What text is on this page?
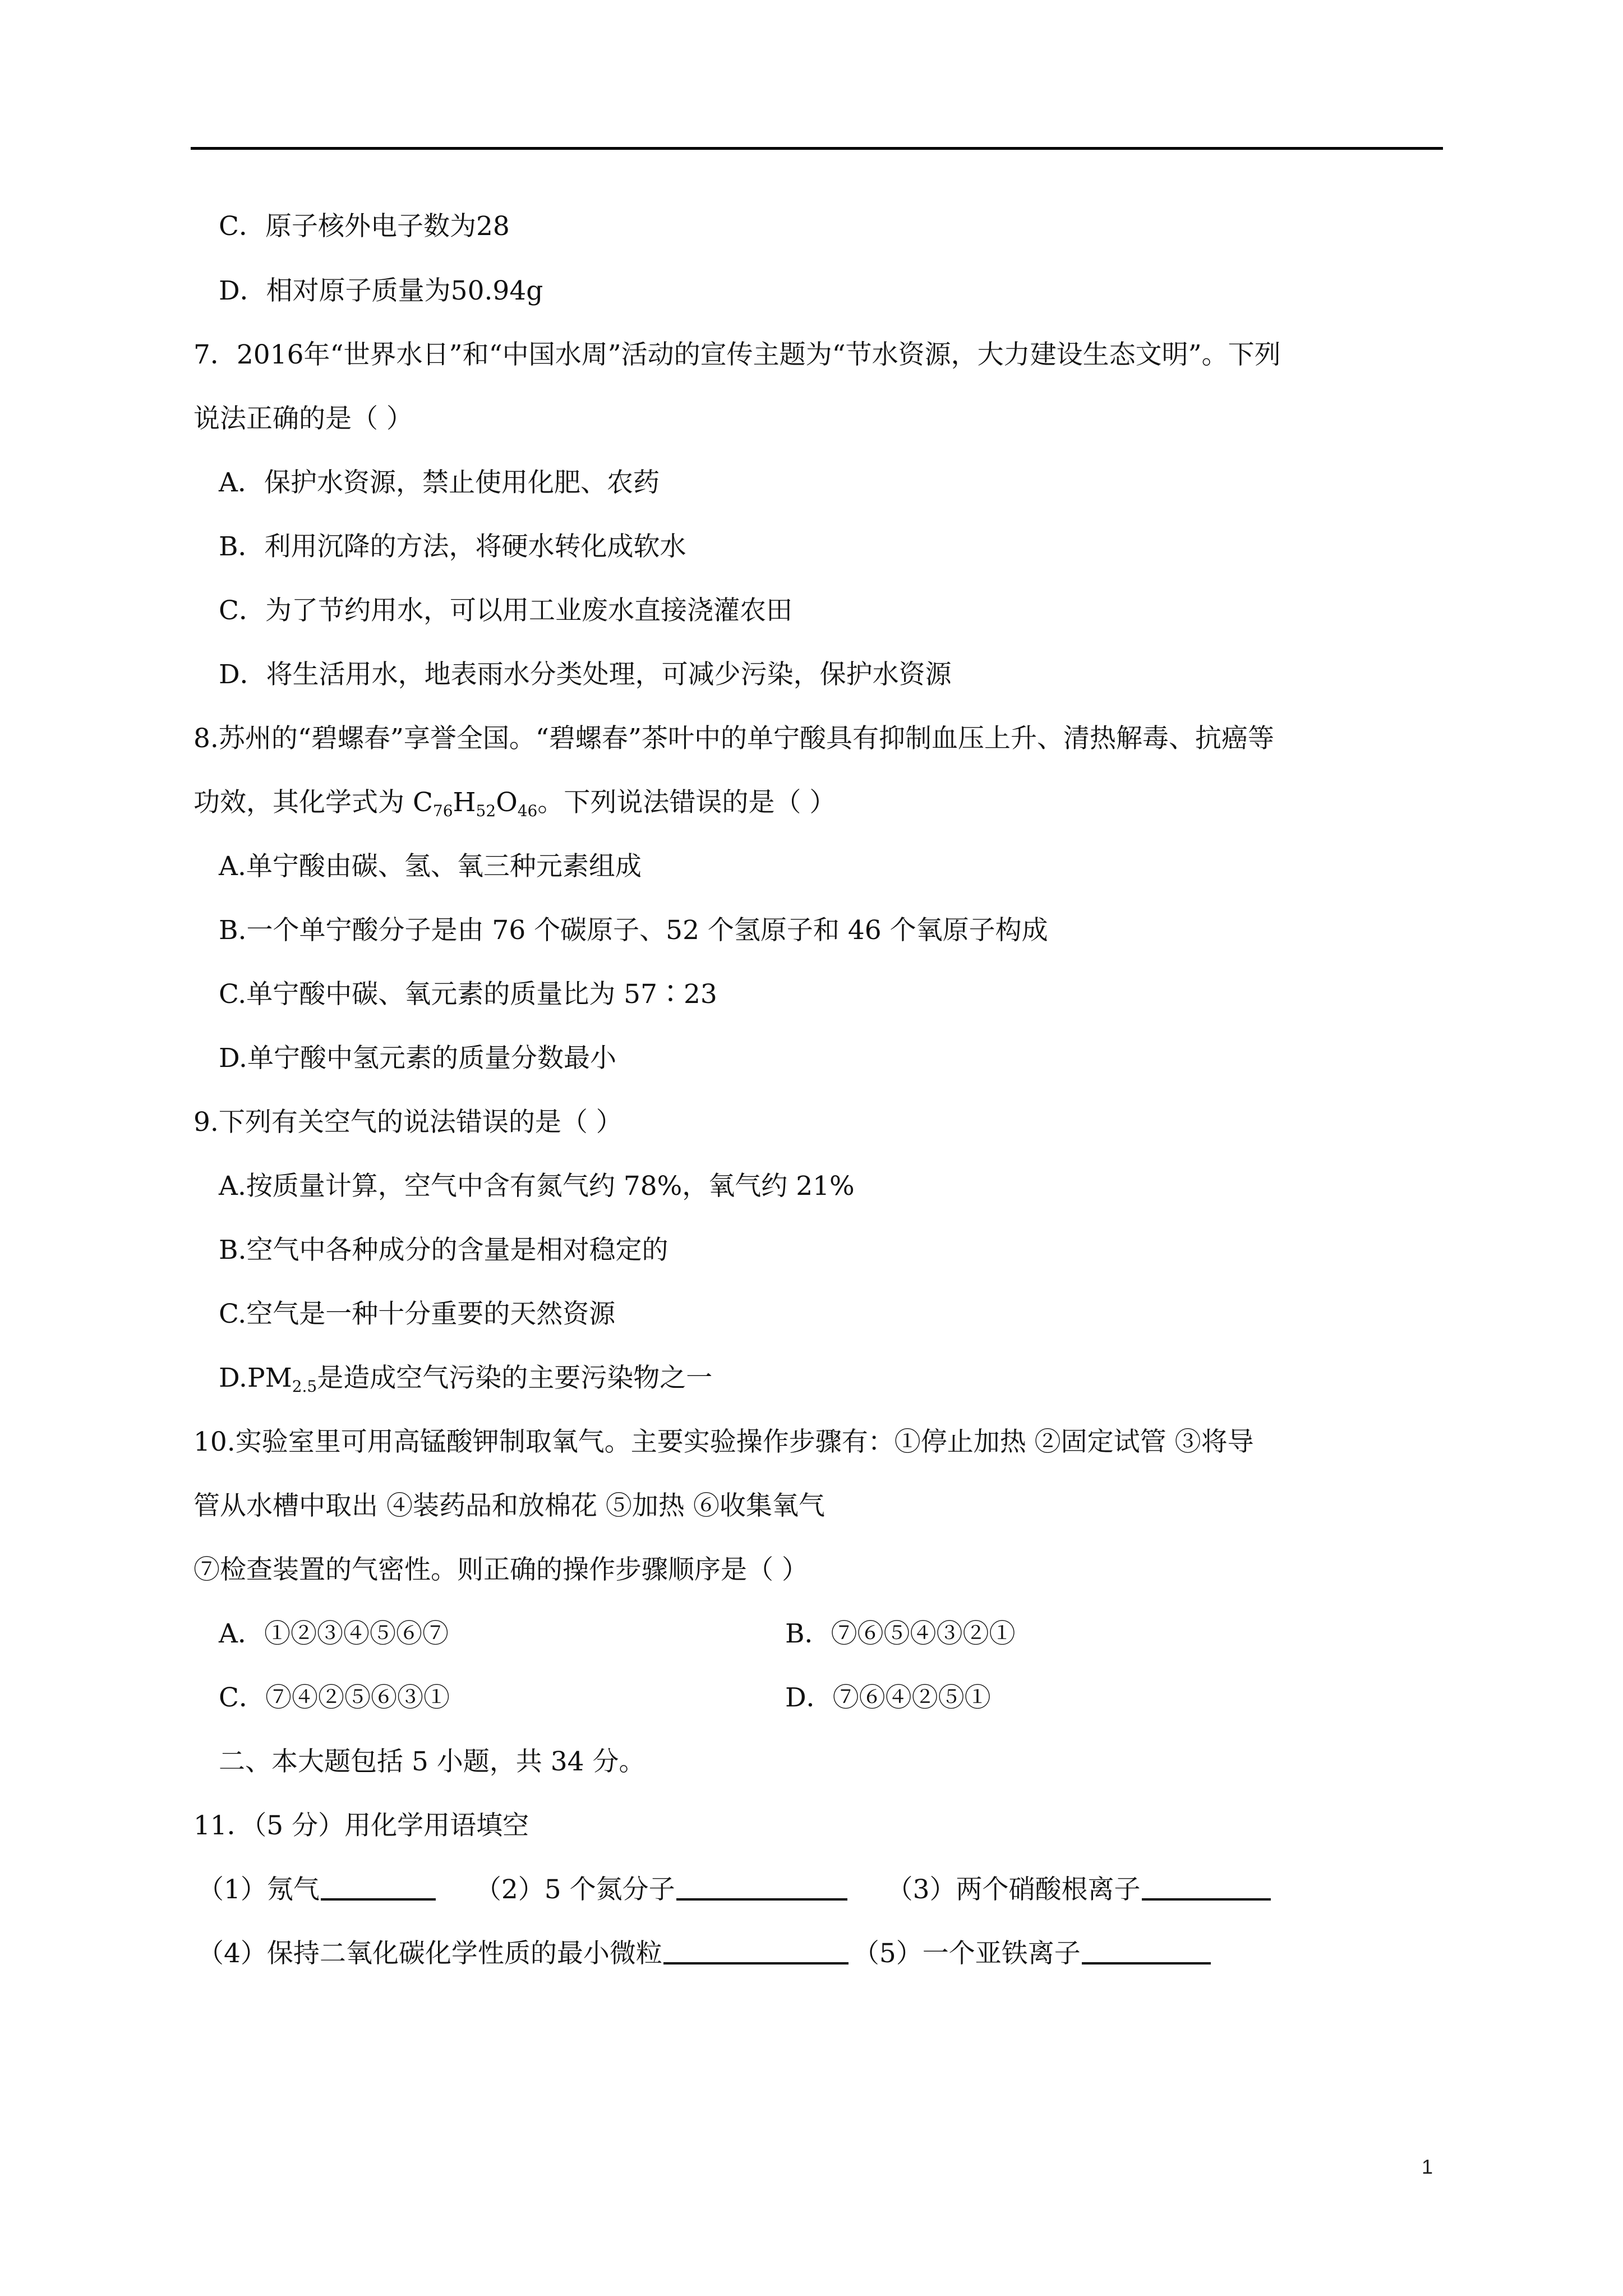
C．原子核外电子数为28
D．相对原子质量为50.94g
7．2016年“世界水日”和“中国水周”活动的宣传主题为“节水资源，大力建设生态文明”。下列
说法正确的是（ ）
A．保护水资源，禁止使用化肥、农药
B．利用沉降的方法，将硬水转化成软水
C．为了节约用水，可以用工业废水直接浇灌农田
D．将生活用水，地表雨水分类处理，可减少污染，保护水资源
8.苏州的“碧螺春”享誉全国。“碧螺春”茶叶中的单宁酸具有抑制血压上升、清热解毒、抗癌等
功效，其化学式为 $C_{76}H_{52}O_{46}$。下列说法错误的是（ ）
A.单宁酸由碳、氢、氧三种元素组成
B.一个单宁酸分子是由 76 个碳原子、52 个氢原子和 46 个氧原子构成
C.单宁酸中碳、氧元素的质量比为 57∶23
D.单宁酸中氢元素的质量分数最小
9.下列有关空气的说法错误的是（ ）
A.按质量计算，空气中含有氮气约 78%，氧气约 21%
B.空气中各种成分的含量是相对稳定的
C.空气是一种十分重要的天然资源
$D.PM_{2.5}$是造成空气污染的主要污染物之一
10.实验室里可用高锰酸钾制取氧气。主要实验操作步骤有：①停止加热 ②固定试管 ③将导
管从水槽中取出 ④装药品和放棉花 ⑤加热 ⑥收集氧气
⑦检查装置的气密性。则正确的操作步骤顺序是（ ）
A．①②③④⑤⑥⑦	B．⑦⑥⑤④③②①
C．⑦④②⑤⑥③①	D．⑦⑥④②⑤①
二、本大题包括 5 小题，共 34 分。
11．（5 分）用化学用语填空
（1）氖气	（2）5 个氮分子	（3）两个硝酸根离子
（4）保持二氧化碳化学性质的最小微粒	（5）一个亚铁离子
1
